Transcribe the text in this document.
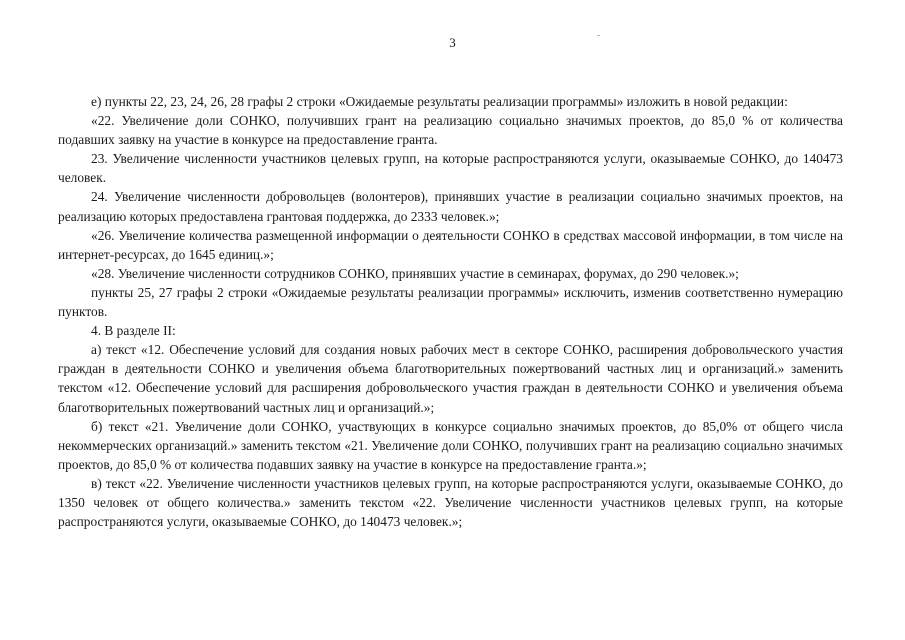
3

е) пункты 22, 23, 24, 26, 28 графы 2 строки «Ожидаемые результаты реализации программы» изложить в новой редакции:

«22. Увеличение доли СОНКО, получивших грант на реализацию социально значимых проектов, до 85,0 % от количества подавших заявку на участие в конкурсе на предоставление гранта.

23. Увеличение численности участников целевых групп, на которые распространяются услуги, оказываемые СОНКО, до 140473 человек.

24. Увеличение численности добровольцев (волонтеров), принявших участие в реализации социально значимых проектов, на реализацию которых предоставлена грантовая поддержка, до 2333 человек.»;

«26. Увеличение количества размещенной информации о деятельности СОНКО в средствах массовой информации, в том числе на интернет-ресурсах, до 1645 единиц.»;

«28. Увеличение численности сотрудников СОНКО, принявших участие в семинарах, форумах, до 290 человек.»;

пункты 25, 27 графы 2 строки «Ожидаемые результаты реализации программы» исключить, изменив соответственно нумерацию пунктов.

4. В разделе II:

а) текст «12. Обеспечение условий для создания новых рабочих мест в секторе СОНКО, расширения добровольческого участия граждан в деятельности СОНКО и увеличения объема благотворительных пожертвований частных лиц и организаций.» заменить текстом «12. Обеспечение условий для расширения добровольческого участия граждан в деятельности СОНКО и увеличения объема благотворительных пожертвований частных лиц и организаций.»;

б) текст «21. Увеличение доли СОНКО, участвующих в конкурсе социально значимых проектов, до 85,0% от общего числа некоммерческих организаций.» заменить текстом «21. Увеличение доли СОНКО, получивших грант на реализацию социально значимых проектов, до 85,0 % от количества подавших заявку на участие в конкурсе на предоставление гранта.»;

в) текст «22. Увеличение численности участников целевых групп, на которые распространяются услуги, оказываемые СОНКО, до 1350 человек от общего количества.» заменить текстом «22. Увеличение численности участников целевых групп, на которые распространяются услуги, оказываемые СОНКО, до 140473 человек.»;
